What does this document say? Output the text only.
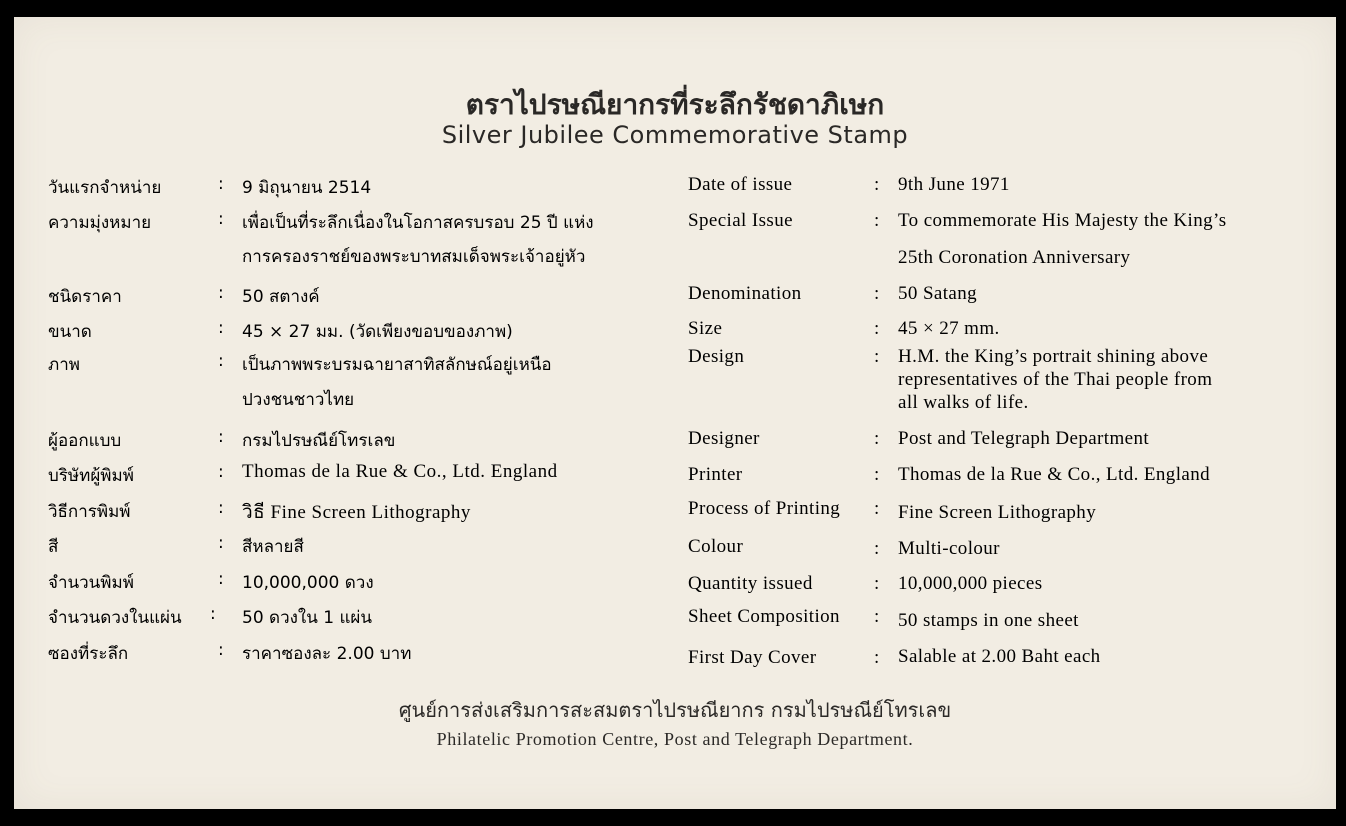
ตราไปรษณียากรที่ระลึกรัชดาภิเษก
Silver Jubilee Commemorative Stamp
วันแรกจำหน่าย	: 9 มิถุนายน 2514
ความมุ่งหมาย	: เพื่อเป็นที่ระลึกเนื่องในโอกาสครบรอบ 25 ปี แห่ง
การครองราชย์ของพระบาทสมเด็จพระเจ้าอยู่หัว
ชนิดราคา	: 50 สตางค์
ขนาด	: 45 × 27 มม. (วัดเพียงขอบของภาพ)
ภาพ	: เป็นภาพพระบรมฉายาสาทิสลักษณ์อยู่เหนือ
ปวงชนชาวไทย
ผู้ออกแบบ	: กรมไปรษณีย์โทรเลข
บริษัทผู้พิมพ์	: Thomas de la Rue & Co., Ltd. England
วิธีการพิมพ์	: วิธี Fine Screen Lithography
สี	: สีหลายสี
จำนวนพิมพ์	: 10,000,000 ดวง
จำนวนดวงในแผ่น : 50 ดวงใน 1 แผ่น
ซองที่ระลึก	: ราคาซองละ 2.00 บาท
Date of issue	: 9th June 1971
Special Issue	: To commemorate His Majesty the King’s
25th Coronation Anniversary
Denomination	: 50 Satang
Size	: 45 × 27 mm.
Design	: H.M. the King’s portrait shining above
representatives of the Thai people from
all walks of life.
Designer	: Post and Telegraph Department
Printer	: Thomas de la Rue & Co., Ltd. England
Process of Printing : Fine Screen Lithography
Colour	: Multi-colour
Quantity issued	: 10,000,000 pieces
Sheet Composition : 50 stamps in one sheet
First Day Cover	: Salable at 2.00 Baht each
ศูนย์การส่งเสริมการสะสมตราไปรษณียากร กรมไปรษณีย์โทรเลข
Philatelic Promotion Centre, Post and Telegraph Department.
